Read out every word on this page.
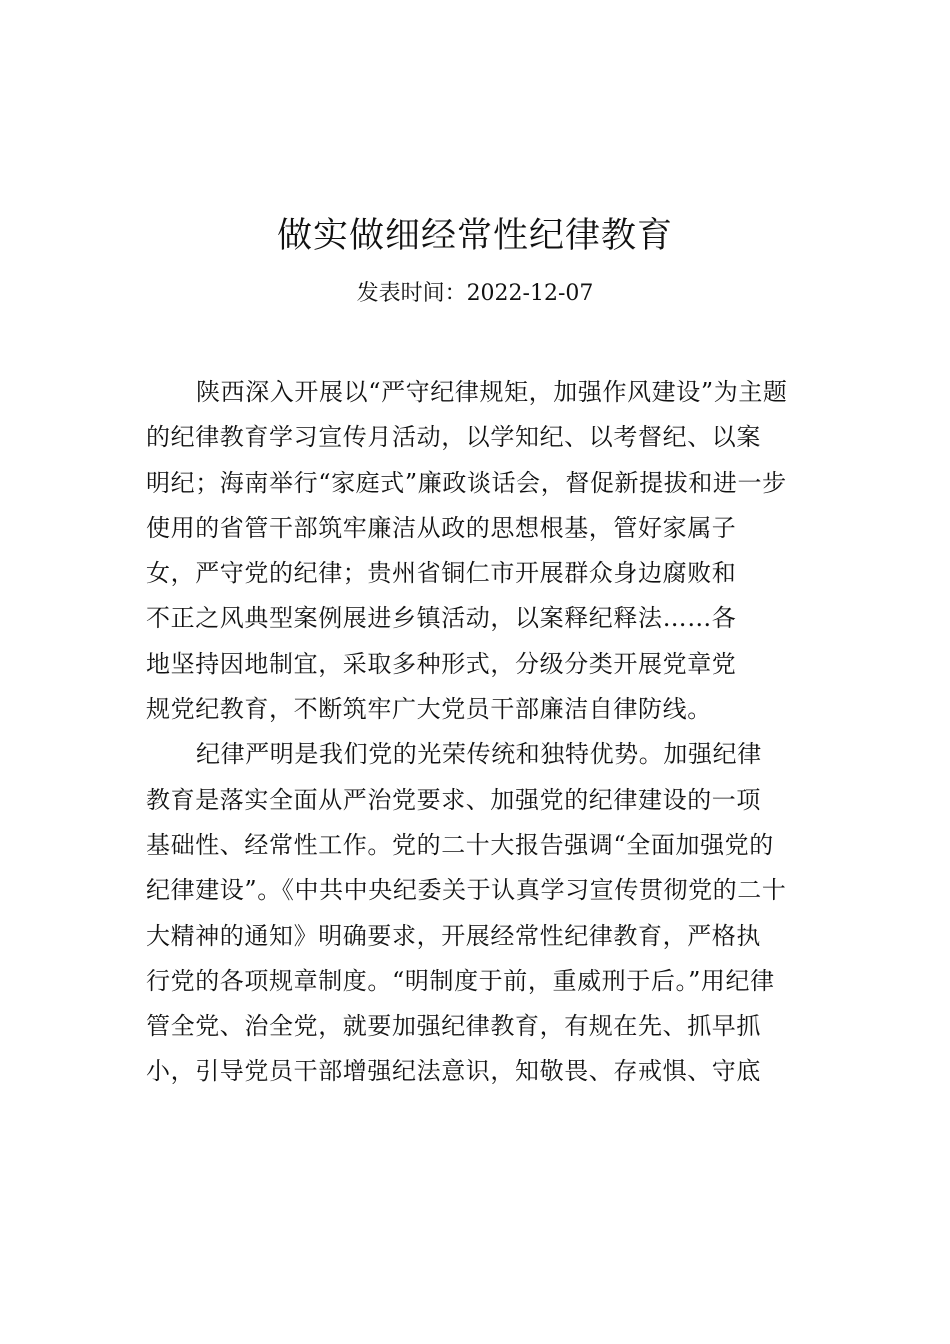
做实做细经常性纪律教育
发表时间：2022-12-07
陕西深入开展以“严守纪律规矩，加强作风建设”为主题
的纪律教育学习宣传月活动，以学知纪、以考督纪、以案
明纪；海南举行“家庭式”廉政谈话会，督促新提拔和进一步
使用的省管干部筑牢廉洁从政的思想根基，管好家属子
女，严守党的纪律；贵州省铜仁市开展群众身边腐败和
不正之风典型案例展进乡镇活动，以案释纪释法……各
地坚持因地制宜，采取多种形式，分级分类开展党章党
规党纪教育，不断筑牢广大党员干部廉洁自律防线。
纪律严明是我们党的光荣传统和独特优势。加强纪律
教育是落实全面从严治党要求、加强党的纪律建设的一项
基础性、经常性工作。党的二十大报告强调“全面加强党的
纪律建设”。《中共中央纪委关于认真学习宣传贯彻党的二十
大精神的通知》明确要求，开展经常性纪律教育，严格执
行党的各项规章制度。“明制度于前，重威刑于后。”用纪律
管全党、治全党，就要加强纪律教育，有规在先、抓早抓
小，引导党员干部增强纪法意识，知敬畏、存戒惧、守底
